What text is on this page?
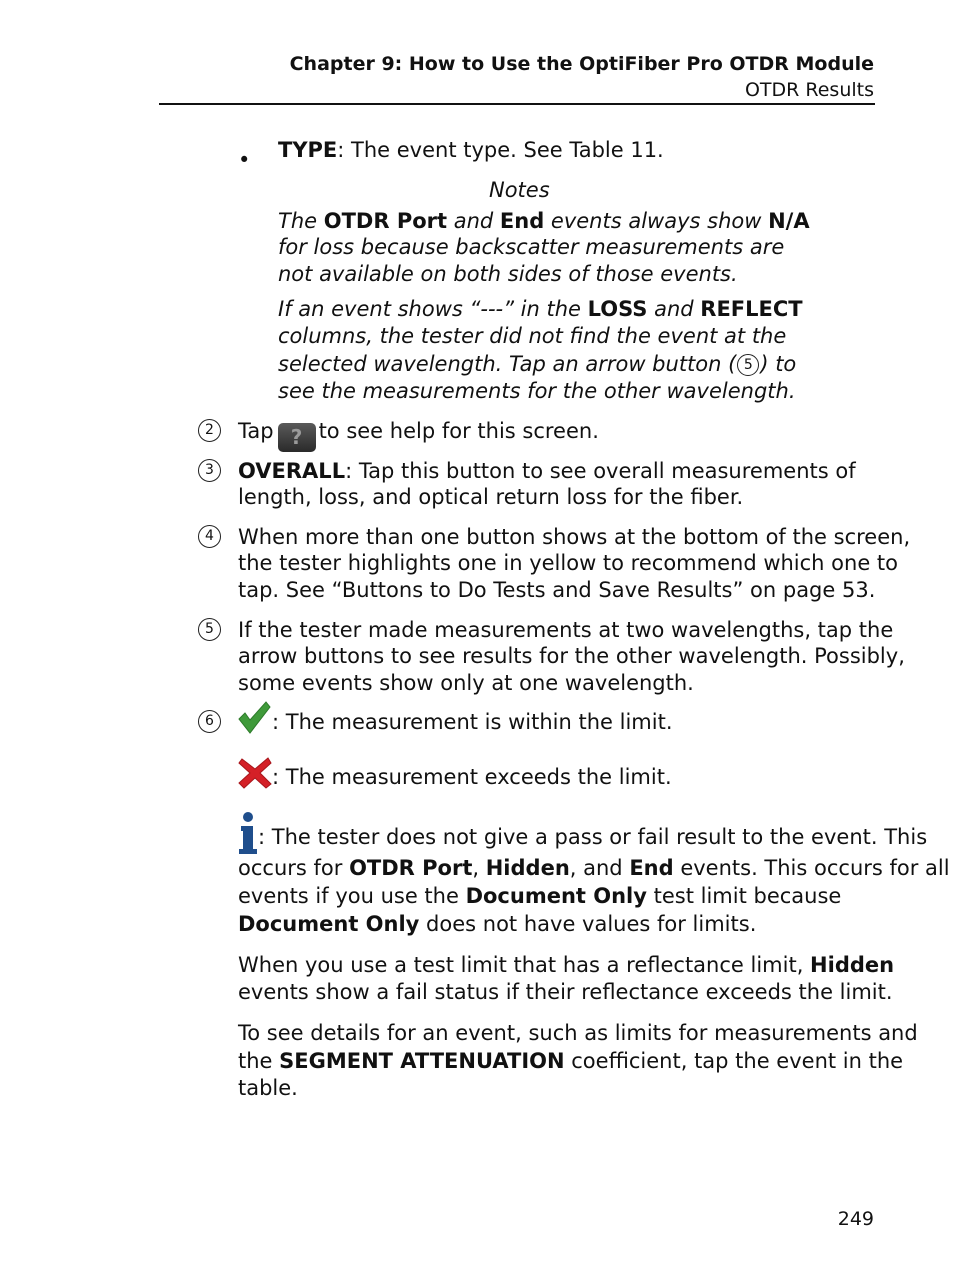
Chapter 9: How to Use the OptiFiber Pro OTDR Module
OTDR Results
• TYPE: The event type. See Table 11.
Notes
The OTDR Port and End events always show N/A
for loss because backscatter measurements are
not available on both sides of those events.
If an event shows “---” in the LOSS and REFLECT
columns, the tester did not find the event at the
selected wavelength. Tap an arrow button ( 5 ) to
see the measurements for the other wavelength.
2	Tap ? to see help for this screen.
3	OVERALL: Tap this button to see overall measurements of
length, loss, and optical return loss for the fiber.
4	When more than one button shows at the bottom of the screen,
the tester highlights one in yellow to recommend which one to
tap. See “Buttons to Do Tests and Save Results” on page 53.
5	If the tester made measurements at two wavelengths, tap the
arrow buttons to see results for the other wavelength. Possibly,
some events show only at one wavelength.
6	: The measurement is within the limit.
: The measurement exceeds the limit.
: The tester does not give a pass or fail result to the event. This
occurs for OTDR Port, Hidden, and End events. This occurs for all
events if you use the Document Only test limit because
Document Only does not have values for limits.
When you use a test limit that has a reflectance limit, Hidden
events show a fail status if their reflectance exceeds the limit.
To see details for an event, such as limits for measurements and
the SEGMENT ATTENUATION coefficient, tap the event in the
table.
249
